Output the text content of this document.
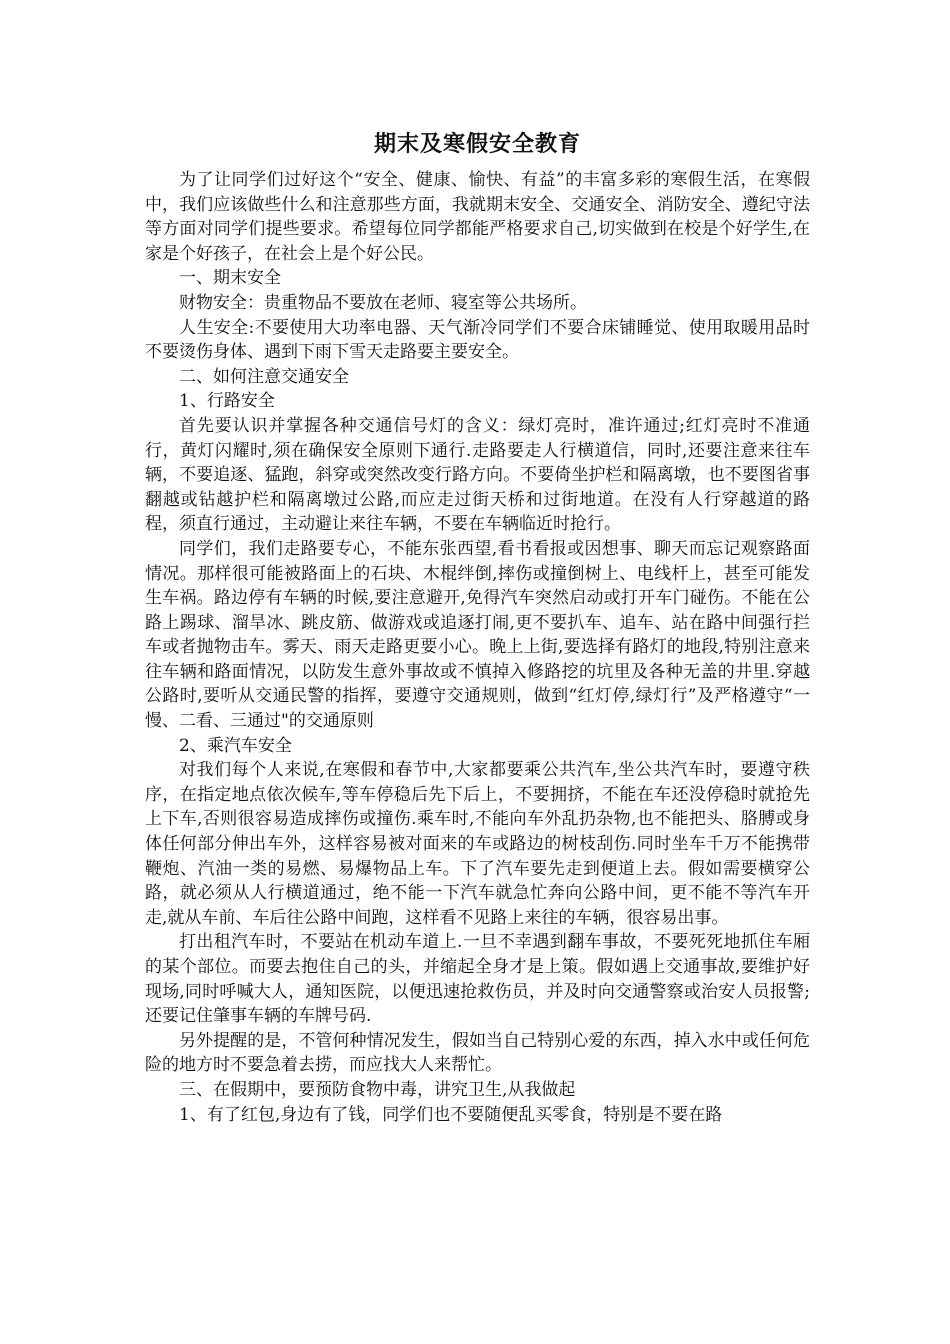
期末及寒假安全教育

为了让同学们过好这个“安全、健康、愉快、有益”的丰富多彩的寒假生活，在寒假中，我们应该做些什么和注意那些方面，我就期末安全、交通安全、消防安全、遵纪守法等方面对同学们提些要求。希望每位同学都能严格要求自己,切实做到在校是个好学生,在家是个好孩子，在社会上是个好公民。

一、期末安全

财物安全：贵重物品不要放在老师、寝室等公共场所。

人生安全:不要使用大功率电器、天气渐冷同学们不要合床铺睡觉、使用取暖用品时不要烫伤身体、遇到下雨下雪天走路要主要安全。

二、如何注意交通安全

1、行路安全

首先要认识并掌握各种交通信号灯的含义：绿灯亮时，准许通过;红灯亮时不准通行，黄灯闪耀时,须在确保安全原则下通行.走路要走人行横道信，同时,还要注意来往车辆，不要追逐、猛跑，斜穿或突然改变行路方向。不要倚坐护栏和隔离墩，也不要图省事翻越或钻越护栏和隔离墩过公路,而应走过街天桥和过街地道。在没有人行穿越道的路程，须直行通过，主动避让来往车辆，不要在车辆临近时抢行。

同学们，我们走路要专心，不能东张西望,看书看报或因想事、聊天而忘记观察路面情况。那样很可能被路面上的石块、木棍绊倒,摔伤或撞倒树上、电线杆上，甚至可能发生车祸。路边停有车辆的时候,要注意避开,免得汽车突然启动或打开车门碰伤。不能在公路上踢球、溜旱冰、跳皮筋、做游戏或追逐打闹,更不要扒车、追车、站在路中间强行拦车或者抛物击车。雾天、雨天走路更要小心。晚上上街,要选择有路灯的地段,特别注意来往车辆和路面情况，以防发生意外事故或不慎掉入修路挖的坑里及各种无盖的井里.穿越公路时,要听从交通民警的指挥，要遵守交通规则，做到“红灯停,绿灯行”及严格遵守“一慢、二看、三通过"的交通原则

2、乘汽车安全

对我们每个人来说,在寒假和春节中,大家都要乘公共汽车,坐公共汽车时，要遵守秩序，在指定地点依次候车,等车停稳后先下后上，不要拥挤，不能在车还没停稳时就抢先上下车,否则很容易造成摔伤或撞伤.乘车时,不能向车外乱扔杂物,也不能把头、胳膊或身体任何部分伸出车外，这样容易被对面来的车或路边的树枝刮伤.同时坐车千万不能携带鞭炮、汽油一类的易燃、易爆物品上车。下了汽车要先走到便道上去。假如需要横穿公路，就必须从人行横道通过，绝不能一下汽车就急忙奔向公路中间，更不能不等汽车开走,就从车前、车后往公路中间跑，这样看不见路上来往的车辆，很容易出事。

打出租汽车时，不要站在机动车道上.一旦不幸遇到翻车事故，不要死死地抓住车厢的某个部位。而要去抱住自己的头，并缩起全身才是上策。假如遇上交通事故,要维护好现场,同时呼喊大人，通知医院，以便迅速抢救伤员，并及时向交通警察或治安人员报警;还要记住肇事车辆的车牌号码.

另外提醒的是，不管何种情况发生，假如当自己特别心爱的东西，掉入水中或任何危险的地方时不要急着去捞，而应找大人来帮忙。

三、在假期中，要预防食物中毒，讲究卫生,从我做起

1、有了红包,身边有了钱，同学们也不要随便乱买零食，特别是不要在路
